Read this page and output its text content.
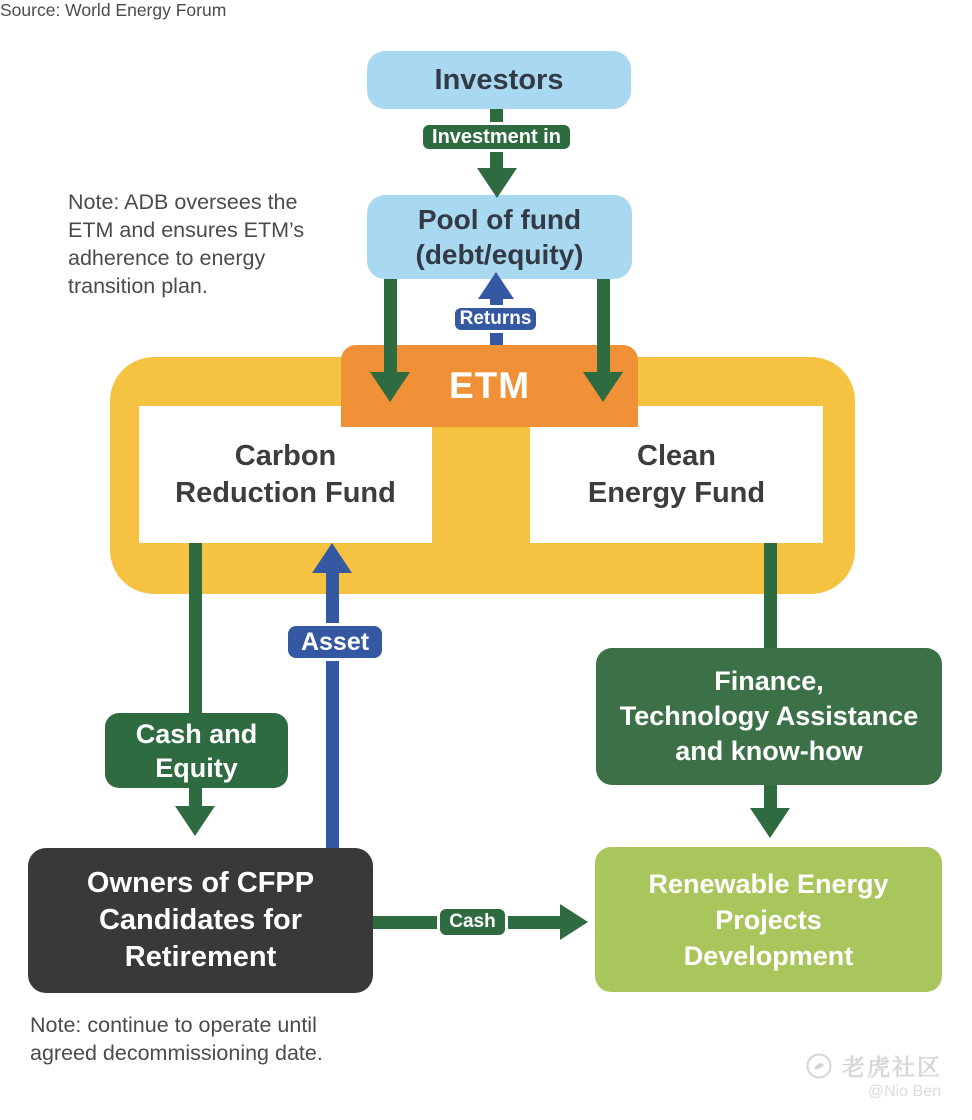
Note: ADB oversees the
ETM and ensures ETM’s
adherence to energy
transition plan.
Investors
Investment in
Pool of fund
(debt/equity)
ETM
Returns
Carbon
Reduction Fund
Clean
Energy Fund
Cash and
Equity
Asset
Finance,
Technology Assistance
and know-how
Owners of CFPP
Candidates for
Retirement
Cash
Renewable Energy
Projects
Development
Note: continue to operate until
agreed decommissioning date.
Source: World Energy Forum
老虎社区
@Nio Ben
